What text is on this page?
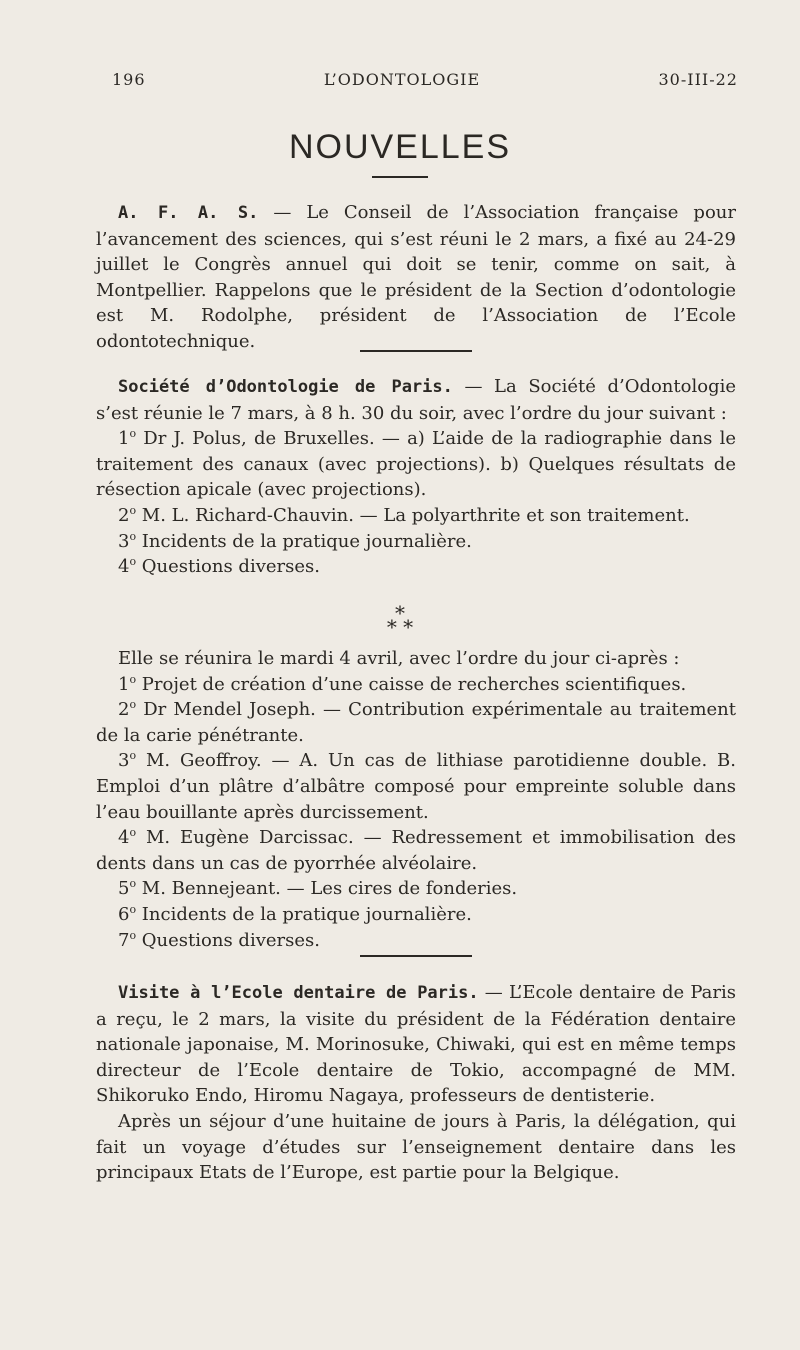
196	L’ODONTOLOGIE	30-III-22
NOUVELLES

A. F. A. S. — Le Conseil de l’Association française pour l’avancement des sciences, qui s’est réuni le 2 mars, a fixé au 24-29 juillet le Congrès annuel qui doit se tenir, comme on sait, à Montpellier. Rappelons que le président de la Section d’odontologie est M. Rodolphe, président de l’Association de l’Ecole odontotechnique.

Société d’Odontologie de Paris. — La Société d’Odontologie s’est réunie le 7 mars, à 8 h. 30 du soir, avec l’ordre du jour suivant :

1$^o$ Dr J. Polus, de Bruxelles. — a) L’aide de la radiographie dans le traitement des canaux (avec projections). b) Quelques résultats de résection apicale (avec projections).

2$^o$ M. L. Richard-Chauvin. — La polyarthrite et son traitement.

3$^o$ Incidents de la pratique journalière.

4$^o$ Questions diverses.

*
* *

Elle se réunira le mardi 4 avril, avec l’ordre du jour ci-après :

1$^o$ Projet de création d’une caisse de recherches scientifiques.

2$^o$ Dr Mendel Joseph. — Contribution expérimentale au traitement de la carie pénétrante.

3$^o$ M. Geoffroy. — A. Un cas de lithiase parotidienne double. B. Emploi d’un plâtre d’albâtre composé pour empreinte soluble dans l’eau bouillante après durcissement.

4$^o$ M. Eugène Darcissac. — Redressement et immobilisation des dents dans un cas de pyorrhée alvéolaire.

5$^o$ M. Bennejeant. — Les cires de fonderies.

6$^o$ Incidents de la pratique journalière.

7$^o$ Questions diverses.

Visite à l’Ecole dentaire de Paris. — L’Ecole dentaire de Paris a reçu, le 2 mars, la visite du président de la Fédération dentaire nationale japonaise, M. Morinosuke, Chiwaki, qui est en même temps directeur de l’Ecole dentaire de Tokio, accompagné de MM. Shikoruko Endo, Hiromu Nagaya, professeurs de dentisterie.

Après un séjour d’une huitaine de jours à Paris, la délégation, qui fait un voyage d’études sur l’enseignement dentaire dans les principaux Etats de l’Europe, est partie pour la Belgique.
